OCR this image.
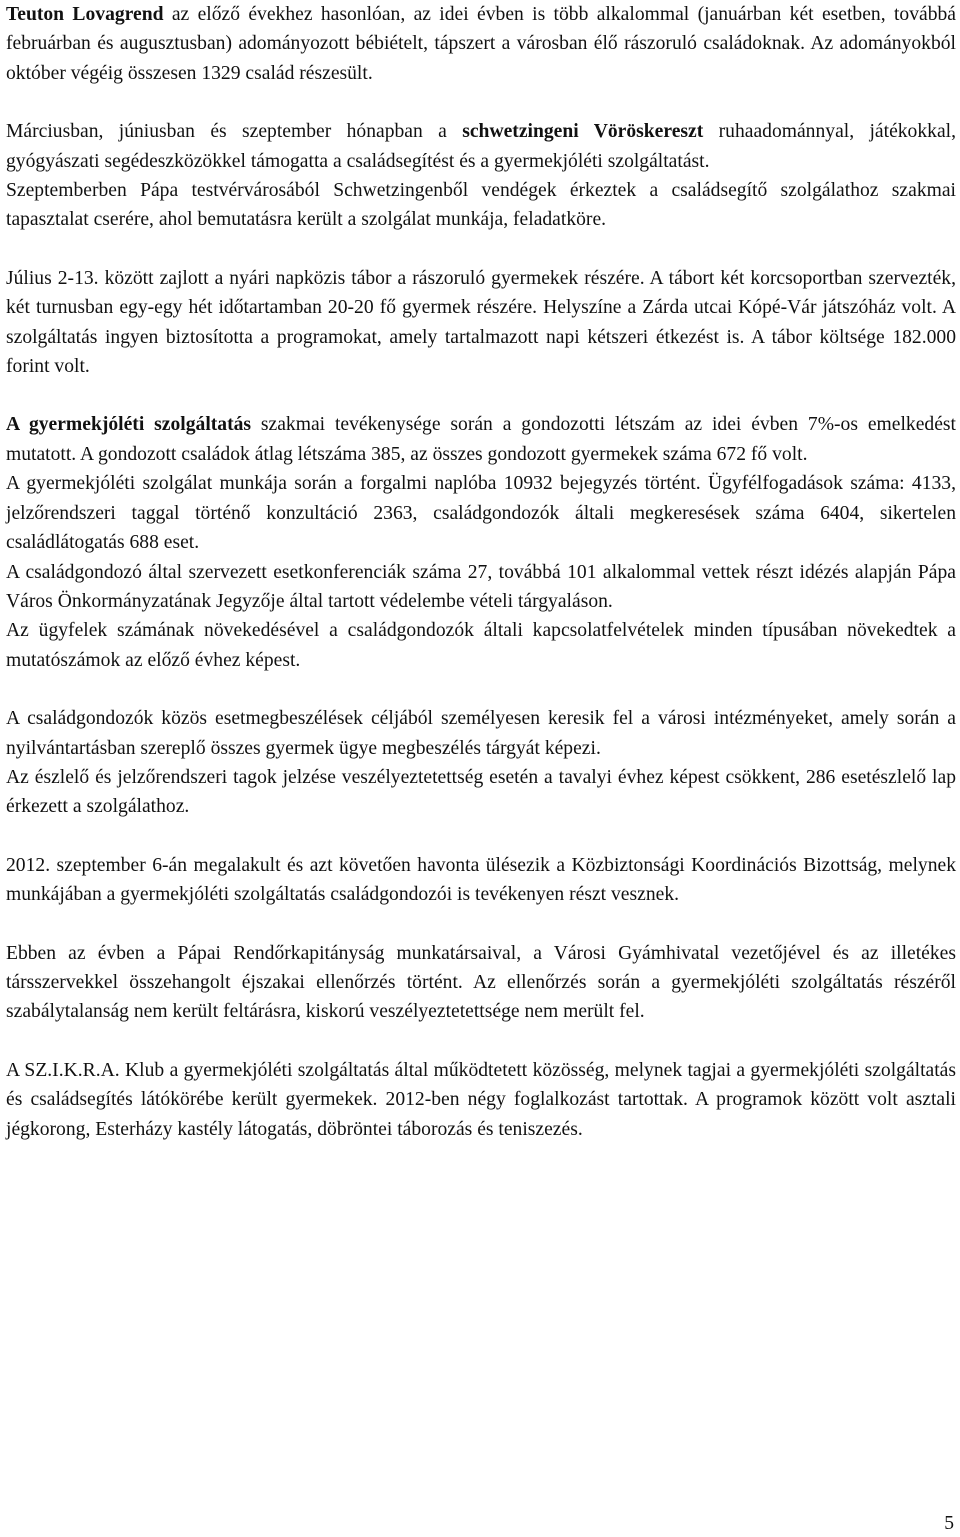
Teuton Lovagrend az előző évekhez hasonlóan, az idei évben is több alkalommal (januárban két esetben, továbbá februárban és augusztusban) adományozott bébiételt, tápszert a városban élő rászoruló családoknak. Az adományokból október végéig összesen 1329 család részesült.

Márciusban, júniusban és szeptember hónapban a schwetzingeni Vöröskereszt ruhaadománnyal, játékokkal, gyógyászati segédeszközökkel támogatta a családsegítést és a gyermekjóléti szolgáltatást.

Szeptemberben Pápa testvérvárosából Schwetzingenből vendégek érkeztek a családsegítő szolgálathoz szakmai tapasztalat cserére, ahol bemutatásra került a szolgálat munkája, feladatköre.

Július 2-13. között zajlott a nyári napközis tábor a rászoruló gyermekek részére. A tábort két korcsoportban szervezték, két turnusban egy-egy hét időtartamban 20-20 fő gyermek részére. Helyszíne a Zárda utcai Kópé-Vár játszóház volt. A szolgáltatás ingyen biztosította a programokat, amely tartalmazott napi kétszeri étkezést is. A tábor költsége 182.000 forint volt.

A gyermekjóléti szolgáltatás szakmai tevékenysége során a gondozotti létszám az idei évben 7%-os emelkedést mutatott. A gondozott családok átlag létszáma 385, az összes gondozott gyermekek száma 672 fő volt.

A gyermekjóléti szolgálat munkája során a forgalmi naplóba 10932 bejegyzés történt. Ügyfélfogadások száma: 4133, jelzőrendszeri taggal történő konzultáció 2363, családgondozók általi megkeresések száma 6404, sikertelen családlátogatás 688 eset.

A családgondozó által szervezett esetkonferenciák száma 27, továbbá 101 alkalommal vettek részt idézés alapján Pápa Város Önkormányzatának Jegyzője által tartott védelembe vételi tárgyaláson.

Az ügyfelek számának növekedésével a családgondozók általi kapcsolatfelvételek minden típusában növekedtek a mutatószámok az előző évhez képest.

A családgondozók közös esetmegbeszélések céljából személyesen keresik fel a városi intézményeket, amely során a nyilvántartásban szereplő összes gyermek ügye megbeszélés tárgyát képezi.

Az észlelő és jelzőrendszeri tagok jelzése veszélyeztetettség esetén a tavalyi évhez képest csökkent, 286 esetészlelő lap érkezett a szolgálathoz.

2012. szeptember 6-án megalakult és azt követően havonta ülésezik a Közbiztonsági Koordinációs Bizottság, melynek munkájában a gyermekjóléti szolgáltatás családgondozói is tevékenyen részt vesznek.

Ebben az évben a Pápai Rendőrkapitányság munkatársaival, a Városi Gyámhivatal vezetőjével és az illetékes társszervekkel összehangolt éjszakai ellenőrzés történt. Az ellenőrzés során a gyermekjóléti szolgáltatás részéről szabálytalanság nem került feltárásra, kiskorú veszélyeztetettsége nem merült fel.

A SZ.I.K.R.A. Klub a gyermekjóléti szolgáltatás által működtetett közösség, melynek tagjai a gyermekjóléti szolgáltatás és családsegítés látókörébe került gyermekek. 2012-ben négy foglalkozást tartottak. A programok között volt asztali jégkorong, Esterházy kastély látogatás, döbröntei táborozás és teniszezés.

5
